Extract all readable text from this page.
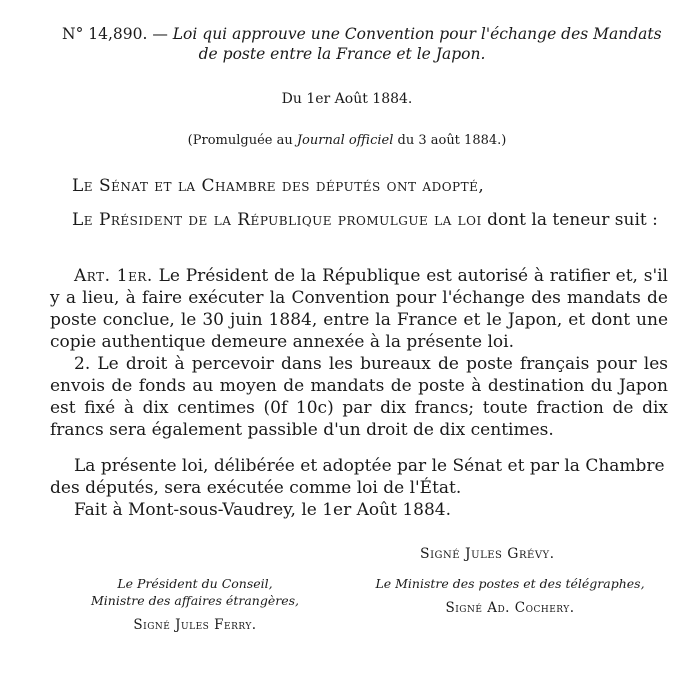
N° 14,890. — Loi qui approuve une Convention pour l'échange des Mandats
de poste entre la France et le Japon.
Du 1er Août 1884.
(Promulguée au Journal officiel du 3 août 1884.)
Le Sénat et la Chambre des députés ont adopté,
Le Président de la République promulgue la loi dont la teneur suit :
Art. 1er. Le Président de la République est autorisé à ratifier et, s'il y a lieu, à faire exécuter la Convention pour l'échange des mandats de poste conclue, le 30 juin 1884, entre la France et le Japon, et dont une copie authentique demeure annexée à la présente loi.
2. Le droit à percevoir dans les bureaux de poste français pour les envois de fonds au moyen de mandats de poste à destination du Japon est fixé à dix centimes (0f 10c) par dix francs; toute fraction de dix francs sera également passible d'un droit de dix centimes.
La présente loi, délibérée et adoptée par le Sénat et par la Chambre des députés, sera exécutée comme loi de l'État.
Fait à Mont-sous-Vaudrey, le 1er Août 1884.
Signé Jules Grévy.
Le Président du Conseil,
Ministre des affaires étrangères,
Signé Jules Ferry.
Le Ministre des postes et des télégraphes,
Signé Ad. Cochery.
